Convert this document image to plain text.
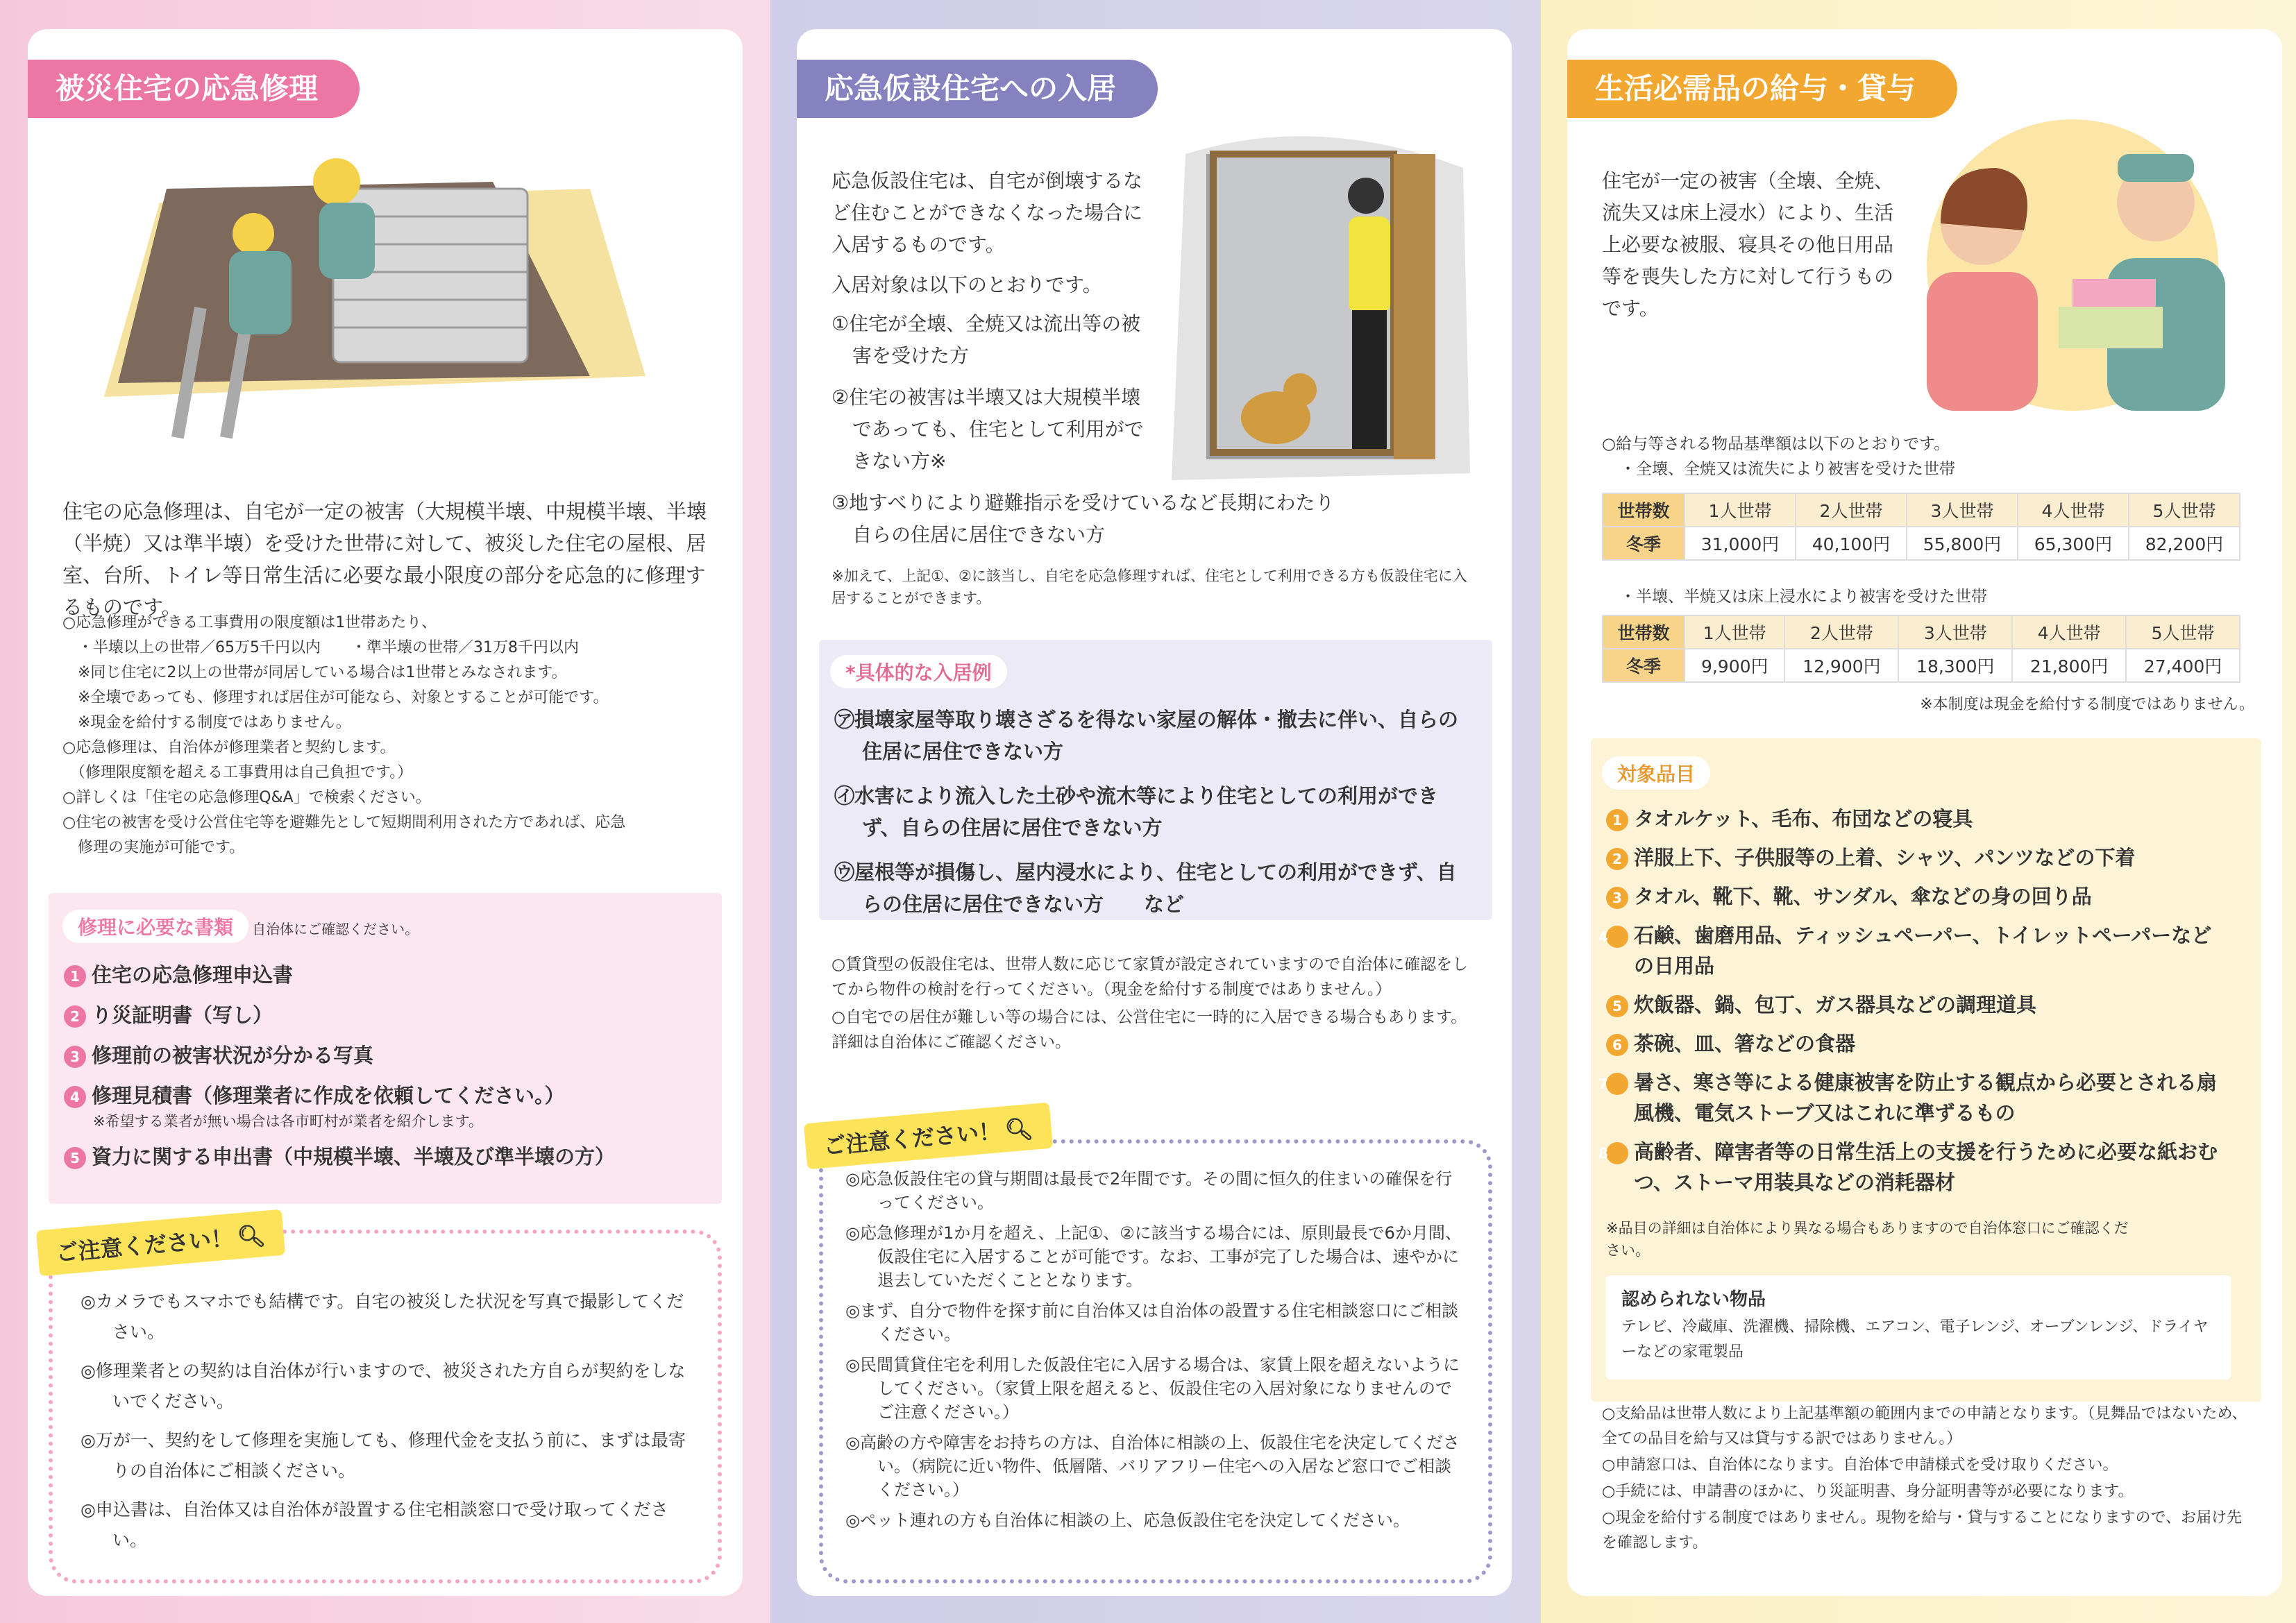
被災住宅の応急修理
住宅の応急修理は、自宅が一定の被害（大規模半壊、中規模半壊、半壊（半焼）又は準半壊）を受けた世帯に対して、被災した住宅の屋根、居室、台所、トイレ等日常生活に必要な最小限度の部分を応急的に修理するものです。
○応急修理ができる工事費用の限度額は1世帯あたり、
　・半壊以上の世帯／65万5千円以内　　・準半壊の世帯／31万8千円以内
　※同じ住宅に2以上の世帯が同居している場合は1世帯とみなされます。
　※全壊であっても、修理すれば居住が可能なら、対象とすることが可能です。
　※現金を給付する制度ではありません。
○応急修理は、自治体が修理業者と契約します。
　（修理限度額を超える工事費用は自己負担です。）
○詳しくは「住宅の応急修理Q&A」で検索ください。
○住宅の被害を受け公営住宅等を避難先として短期間利用された方であれば、応急
　修理の実施が可能です。
修理に必要な書類 自治体にご確認ください。
1 住宅の応急修理申込書
2 り災証明書（写し）
3 修理前の被害状況が分かる写真
4 修理見積書（修理業者に作成を依頼してください。）
※希望する業者が無い場合は各市町村が業者を紹介します。
5 資力に関する申出書（中規模半壊、半壊及び準半壊の方）
◎カメラでもスマホでも結構です。自宅の被災した状況を写真で撮影してください。
◎修理業者との契約は自治体が行いますので、被災された方自らが契約をしないでください。
◎万が一、契約をして修理を実施しても、修理代金を支払う前に、まずは最寄りの自治体にご相談ください。
◎申込書は、自治体又は自治体が設置する住宅相談窓口で受け取ってください。
ご注意ください！🔍︎
応急仮設住宅への入居
応急仮設住宅は、自宅が倒壊するなど住むことができなくなった場合に入居するものです。
入居対象は以下のとおりです。
①住宅が全壊、全焼又は流出等の被害を受けた方
②住宅の被害は半壊又は大規模半壊であっても、住宅として利用ができない方※
③地すべりにより避難指示を受けているなど長期にわたり自らの住居に居住できない方
※加えて、上記①、②に該当し、自宅を応急修理すれば、住宅として利用できる方も仮設住宅に入居することができます。
*具体的な入居例
㋐損壊家屋等取り壊さざるを得ない家屋の解体・撤去に伴い、自らの住居に居住できない方
㋑水害により流入した土砂や流木等により住宅としての利用ができず、自らの住居に居住できない方
㋒屋根等が損傷し、屋内浸水により、住宅としての利用ができず、自らの住居に居住できない方　　など
○賃貸型の仮設住宅は、世帯人数に応じて家賃が設定されていますので自治体に確認をしてから物件の検討を行ってください。（現金を給付する制度ではありません。）
○自宅での居住が難しい等の場合には、公営住宅に一時的に入居できる場合もあります。詳細は自治体にご確認ください。
◎応急仮設住宅の貸与期間は最長で2年間です。その間に恒久的住まいの確保を行ってください。
◎応急修理が1か月を超え、上記①、②に該当する場合には、原則最長で6か月間、仮設住宅に入居することが可能です。なお、工事が完了した場合は、速やかに退去していただくこととなります。
◎まず、自分で物件を探す前に自治体又は自治体の設置する住宅相談窓口にご相談ください。
◎民間賃貸住宅を利用した仮設住宅に入居する場合は、家賃上限を超えないようにしてください。（家賃上限を超えると、仮設住宅の入居対象になりませんのでご注意ください。）
◎高齢の方や障害をお持ちの方は、自治体に相談の上、仮設住宅を決定してください。（病院に近い物件、低層階、バリアフリー住宅への入居など窓口でご相談ください。）
◎ペット連れの方も自治体に相談の上、応急仮設住宅を決定してください。
ご注意ください！🔍︎
生活必需品の給与・貸与
住宅が一定の被害（全壊、全焼、流失又は床上浸水）により、生活上必要な被服、寝具その他日用品等を喪失した方に対して行うものです。
○給与等される物品基準額は以下のとおりです。
・全壊、全焼又は流失により被害を受けた世帯
世帯数	1人世帯	2人世帯	3人世帯	4人世帯	5人世帯
冬季	31,000円	40,100円	55,800円	65,300円	82,200円
・半壊、半焼又は床上浸水により被害を受けた世帯
世帯数	1人世帯	2人世帯	3人世帯	4人世帯	5人世帯
冬季	9,900円	12,900円	18,300円	21,800円	27,400円
※本制度は現金を給付する制度ではありません。
対象品目
1 タオルケット、毛布、布団などの寝具
2 洋服上下、子供服等の上着、シャツ、パンツなどの下着
3 タオル、靴下、靴、サンダル、傘などの身の回り品
4 石鹸、歯磨用品、ティッシュペーパー、トイレットペーパーなどの日用品
5 炊飯器、鍋、包丁、ガス器具などの調理道具
6 茶碗、皿、箸などの食器
7 暑さ、寒さ等による健康被害を防止する観点から必要とされる扇風機、電気ストーブ又はこれに準ずるもの
8 高齢者、障害者等の日常生活上の支援を行うために必要な紙おむつ、ストーマ用装具などの消耗器材
※品目の詳細は自治体により異なる場合もありますので自治体窓口にご確認ください。
認められない物品
テレビ、冷蔵庫、洗濯機、掃除機、エアコン、電子レンジ、オーブンレンジ、ドライヤーなどの家電製品
○支給品は世帯人数により上記基準額の範囲内までの申請となります。（見舞品ではないため、全ての品目を給与又は貸与する訳ではありません。）
○申請窓口は、自治体になります。自治体で申請様式を受け取りください。
○手続には、申請書のほかに、り災証明書、身分証明書等が必要になります。
○現金を給付する制度ではありません。現物を給与・貸与することになりますので、お届け先を確認します。
